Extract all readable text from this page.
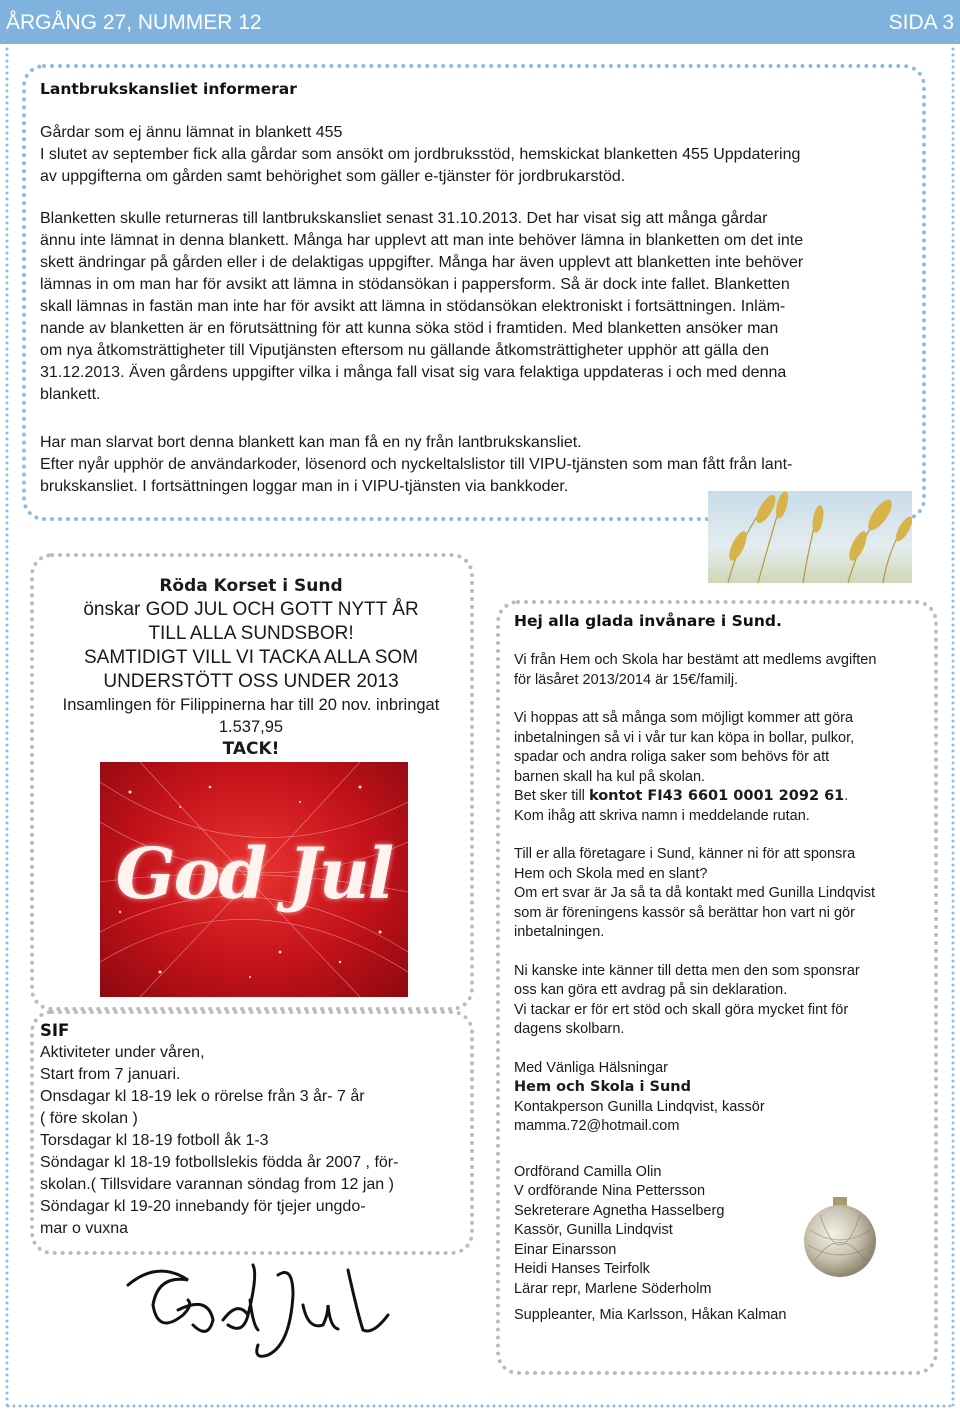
ÅRGÅNG 27, NUMMER 12	SIDA 3
Lantbrukskansliet informerar

Gårdar som ej ännu lämnat in blankett 455

I slutet av september fick alla gårdar som ansökt om jordbruksstöd, hemskickat blanketten 455 Uppdatering

av uppgifterna om gården samt behörighet som gäller e-tjänster för jordbrukarstöd.

Blanketten skulle returneras till lantbrukskansliet senast 31.10.2013. Det har visat sig att många gårdar

ännu inte lämnat in denna blankett. Många har upplevt att man inte behöver lämna in blanketten om det inte

skett ändringar på gården eller i de delaktigas uppgifter. Många har även upplevt att blanketten inte behöver

lämnas in om man har för avsikt att lämna in stödansökan i pappersform. Så är dock inte fallet. Blanketten

skall lämnas in fastän man inte har för avsikt att lämna in stödansökan elektroniskt i fortsättningen. Inläm-

nande av blanketten är en förutsättning för att kunna söka stöd i framtiden. Med blanketten ansöker man

om nya åtkomsträttigheter till Viputjänsten eftersom nu gällande åtkomsträttigheter upphör att gälla den

31.12.2013. Även gårdens uppgifter vilka i många fall visat sig vara felaktiga uppdateras i och med denna

blankett.

Har man slarvat bort denna blankett kan man få en ny från lantbrukskansliet.

Efter nyår upphör de användarkoder, lösenord och nyckeltalslistor till VIPU-tjänsten som man fått från lant-

brukskansliet. I fortsättningen loggar man in i VIPU-tjänsten via bankkoder.

Röda Korset i Sund
önskar GOD JUL OCH GOTT NYTT ÅR
TILL ALLA SUNDSBOR!
SAMTIDIGT VILL VI TACKA ALLA SOM
UNDERSTÖTT OSS UNDER 2013
Insamlingen för Filippinerna har till 20 nov. inbringat
1.537,95
TACK!
God Jul
SIF

Aktiviteter under våren,

Start from 7 januari.

Onsdagar kl 18-19 lek o rörelse från 3 år- 7 år

( före skolan )

Torsdagar kl 18-19 fotboll åk 1-3

Söndagar kl 18-19 fotbollslekis födda år 2007 , för-

skolan.( Tillsvidare varannan söndag from 12 jan )

Söndagar kl 19-20 innebandy för tjejer ungdo-

mar o vuxna

Hej alla glada invånare i Sund.

Vi från Hem och Skola har bestämt att medlems avgiften

för läsåret 2013/2014 är 15€/familj.

Vi hoppas att så många som möjligt kommer att göra

inbetalningen så vi i vår tur kan köpa in bollar, pulkor,

spadar och andra roliga saker som behövs för att

barnen skall ha kul på skolan.

Bet sker till kontot FI43 6601 0001 2092 61.

Kom ihåg att skriva namn i meddelande rutan.

Till er alla företagare i Sund, känner ni för att sponsra

Hem och Skola med en slant?

Om ert svar är Ja så ta då kontakt med Gunilla Lindqvist

som är föreningens kassör så berättar hon vart ni gör

inbetalningen.

Ni kanske inte känner till detta men den som sponsrar

oss kan göra ett avdrag på sin deklaration.

Vi tackar er för ert stöd och skall göra mycket fint för

dagens skolbarn.

Med Vänliga Hälsningar

Hem och Skola i Sund

Kontakperson Gunilla Lindqvist, kassör

mamma.72@hotmail.com

Ordförand Camilla Olin

V ordförande Nina Pettersson

Sekreterare Agnetha Hasselberg

Kassör, Gunilla Lindqvist

Einar Einarsson

Heidi Hanses Teirfolk

Lärar repr, Marlene Söderholm

Suppleanter, Mia Karlsson, Håkan Kalman
